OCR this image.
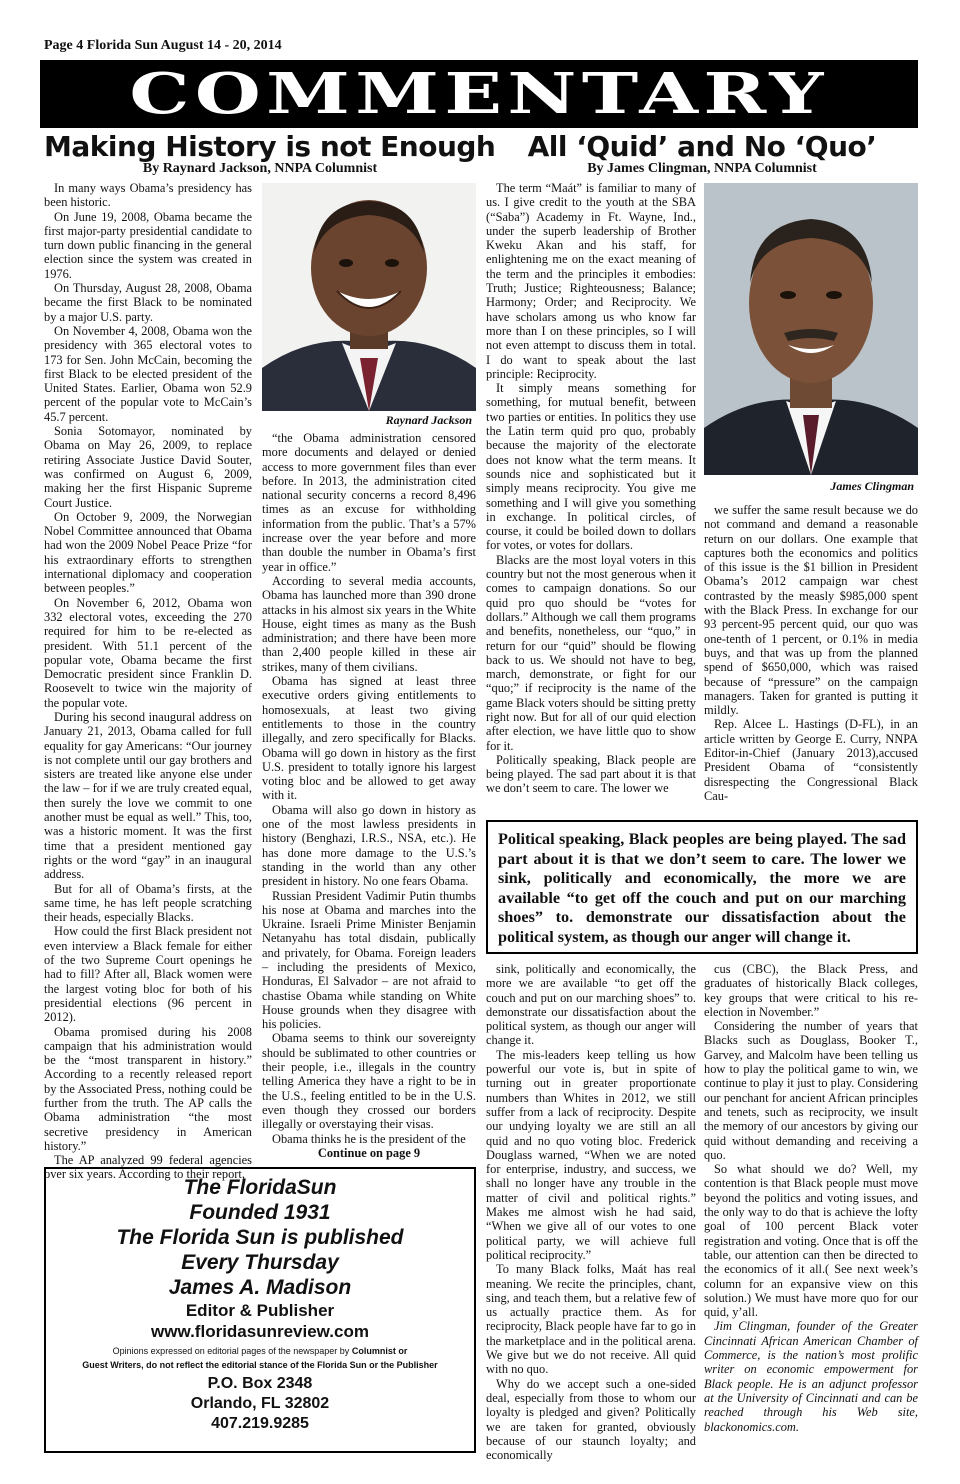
Page 4 Florida Sun August 14 - 20, 2014
COMMENTARY
Making History is not Enough
By Raynard Jackson, NNPA Columnist

In many ways Obama’s presidency has been historic.

On June 19, 2008, Obama became the first major-party presidential candidate to turn down public financing in the general election since the system was created in 1976.

On Thursday, August 28, 2008, Obama became the first Black to be nominated by a major U.S. party.

On November 4, 2008, Obama won the presidency with 365 electoral votes to 173 for Sen. John McCain, becoming the first Black to be elected president of the United States. Earlier, Obama won 52.9 percent of the popular vote to McCain’s 45.7 percent.

Sonia Sotomayor, nominated by Obama on May 26, 2009, to replace retiring Associate Justice David Souter, was confirmed on August 6, 2009, making her the first Hispanic Supreme Court Justice.

On October 9, 2009, the Norwegian Nobel Committee announced that Obama had won the 2009 Nobel Peace Prize “for his extraordinary efforts to strengthen international diplomacy and cooperation between peoples.”

On November 6, 2012, Obama won 332 electoral votes, exceeding the 270 required for him to be re-elected as president. With 51.1 percent of the popular vote, Obama became the first Democratic president since Franklin D. Roosevelt to twice win the majority of the popular vote.

During his second inaugural address on January 21, 2013, Obama called for full equality for gay Americans: “Our journey is not complete until our gay brothers and sisters are treated like anyone else under the law – for if we are truly created equal, then surely the love we commit to one another must be equal as well.” This, too, was a historic moment. It was the first time that a president mentioned gay rights or the word “gay” in an inaugural address.

But for all of Obama’s firsts, at the same time, he has left people scratching their heads, especially Blacks.

How could the first Black president not even interview a Black female for either of the two Supreme Court openings he had to fill? After all, Black women were the largest voting bloc for both of his presidential elections (96 percent in 2012).

Obama promised during his 2008 campaign that his administration would be the “most transparent in history.” According to a recently released report by the Associated Press, nothing could be further from the truth. The AP calls the Obama administration “the most secretive presidency in American history.”

The AP analyzed 99 federal agencies over six years. According to their report,

Raynard Jackson

“the Obama administration censored more documents and delayed or denied access to more government files than ever before. In 2013, the administration cited national security concerns a record 8,496 times as an excuse for withholding information from the public. That’s a 57% increase over the year before and more than double the number in Obama’s first year in office.”

According to several media accounts, Obama has launched more than 390 drone attacks in his almost six years in the White House, eight times as many as the Bush administration; and there have been more than 2,400 people killed in these air strikes, many of them civilians.

Obama has signed at least three executive orders giving entitlements to homosexuals, at least two giving entitlements to those in the country illegally, and zero specifically for Blacks. Obama will go down in history as the first U.S. president to totally ignore his largest voting bloc and be allowed to get away with it.

Obama will also go down in history as one of the most lawless presidents in history (Benghazi, I.R.S., NSA, etc.). He has done more damage to the U.S.’s standing in the world than any other president in history. No one fears Obama.

Russian President Vadimir Putin thumbs his nose at Obama and marches into the Ukraine. Israeli Prime Minister Benjamin Netanyahu has total disdain, publically and privately, for Obama. Foreign leaders – including the presidents of Mexico, Honduras, El Salvador – are not afraid to chastise Obama while standing on White House grounds when they disagree with his policies.

Obama seems to think our sovereignty should be sublimated to other countries or their people, i.e., illegals in the country telling America they have a right to be in the U.S., feeling entitled to be in the U.S. even though they crossed our borders illegally or overstaying their visas.

Obama thinks he is the president of the

Continue on page 9

All ‘Quid’ and No ‘Quo’
By James Clingman, NNPA Columnist

The term “Maát” is familiar to many of us. I give credit to the youth at the SBA (“Saba”) Academy in Ft. Wayne, Ind., under the superb leadership of Brother Kweku Akan and his staff, for enlightening me on the exact meaning of the term and the principles it embodies: Truth; Justice; Righteousness; Balance; Harmony; Order; and Reciprocity. We have scholars among us who know far more than I on these principles, so I will not even attempt to discuss them in total. I do want to speak about the last principle: Reciprocity.

It simply means something for something, for mutual benefit, between two parties or entities. In politics they use the Latin term quid pro quo, probably because the majority of the electorate does not know what the term means. It sounds nice and sophisticated but it simply means reciprocity. You give me something and I will give you something in exchange. In political circles, of course, it could be boiled down to dollars for votes, or votes for dollars.

Blacks are the most loyal voters in this country but not the most generous when it comes to campaign donations. So our quid pro quo should be “votes for dollars.” Although we call them programs and benefits, nonetheless, our “quo,” in return for our “quid” should be flowing back to us. We should not have to beg, march, demonstrate, or fight for our “quo;” if reciprocity is the name of the game Black voters should be sitting pretty right now. But for all of our quid election after election, we have little quo to show for it.

Politically speaking, Black people are being played. The sad part about it is that we don’t seem to care. The lower we

James Clingman

we suffer the same result because we do not command and demand a reasonable return on our dollars. One example that captures both the economics and politics of this issue is the $1 billion in President Obama’s 2012 campaign war chest contrasted by the measly $985,000 spent with the Black Press. In exchange for our 93 percent-95 percent quid, our quo was one-tenth of 1 percent, or 0.1% in media buys, and that was up from the planned spend of $650,000, which was raised because of “pressure” on the campaign managers. Taken for granted is putting it mildly.

Rep. Alcee L. Hastings (D-FL), in an article written by George E. Curry, NNPA Editor-in-Chief (January 2013),accused President Obama of “consistently disrespecting the Congressional Black Cau-

Political speaking, Black peoples are being played. The sad part about it is that we don’t seem to care. The lower we sink, politically and economically, the more we are available “to get off the couch and put on our marching shoes” to. demonstrate our dissatisfaction about the political system, as though our anger will change it.

sink, politically and economically, the more we are available “to get off the couch and put on our marching shoes” to. demonstrate our dissatisfaction about the political system, as though our anger will change it.

The mis-leaders keep telling us how powerful our vote is, but in spite of turning out in greater proportionate numbers than Whites in 2012, we still suffer from a lack of reciprocity. Despite our undying loyalty we are still an all quid and no quo voting bloc. Frederick Douglass warned, “When we are noted for enterprise, industry, and success, we shall no longer have any trouble in the matter of civil and political rights.” Makes me almost wish he had said, “When we give all of our votes to one political party, we will achieve full political reciprocity.”

To many Black folks, Maát has real meaning. We recite the principles, chant, sing, and teach them, but a relative few of us actually practice them. As for reciprocity, Black people have far to go in the marketplace and in the political arena. We give but we do not receive. All quid with no quo.

Why do we accept such a one-sided deal, especially from those to whom our loyalty is pledged and given? Politically we are taken for granted, obviously because of our staunch loyalty; and economically

cus (CBC), the Black Press, and graduates of historically Black colleges, key groups that were critical to his re-election in November.”

Considering the number of years that Blacks such as Douglass, Booker T., Garvey, and Malcolm have been telling us how to play the political game to win, we continue to play it just to play. Considering our penchant for ancient African principles and tenets, such as reciprocity, we insult the memory of our ancestors by giving our quid without demanding and receiving a quo.

So what should we do? Well, my contention is that Black people must move beyond the politics and voting issues, and the only way to do that is achieve the lofty goal of 100 percent Black voter registration and voting. Once that is off the table, our attention can then be directed to the economics of it all.( See next week’s column for an expansive view on this solution.) We must have more quo for our quid, y’all.

Jim Clingman, founder of the Greater Cincinnati African American Chamber of Commerce, is the nation’s most prolific writer on economic empowerment for Black people. He is an adjunct professor at the University of Cincinnati and can be reached through his Web site, blackonomics.com.

The FloridaSun
Founded 1931
The Florida Sun is published
Every Thursday
James A. Madison
Editor & Publisher
www.floridasunreview.com
Opinions expressed on editorial pages of the newspaper by Columnist or
Guest Writers, do not reflect the editorial stance of the Florida Sun or the Publisher
P.O. Box 2348
Orlando, FL 32802
407.219.9285
